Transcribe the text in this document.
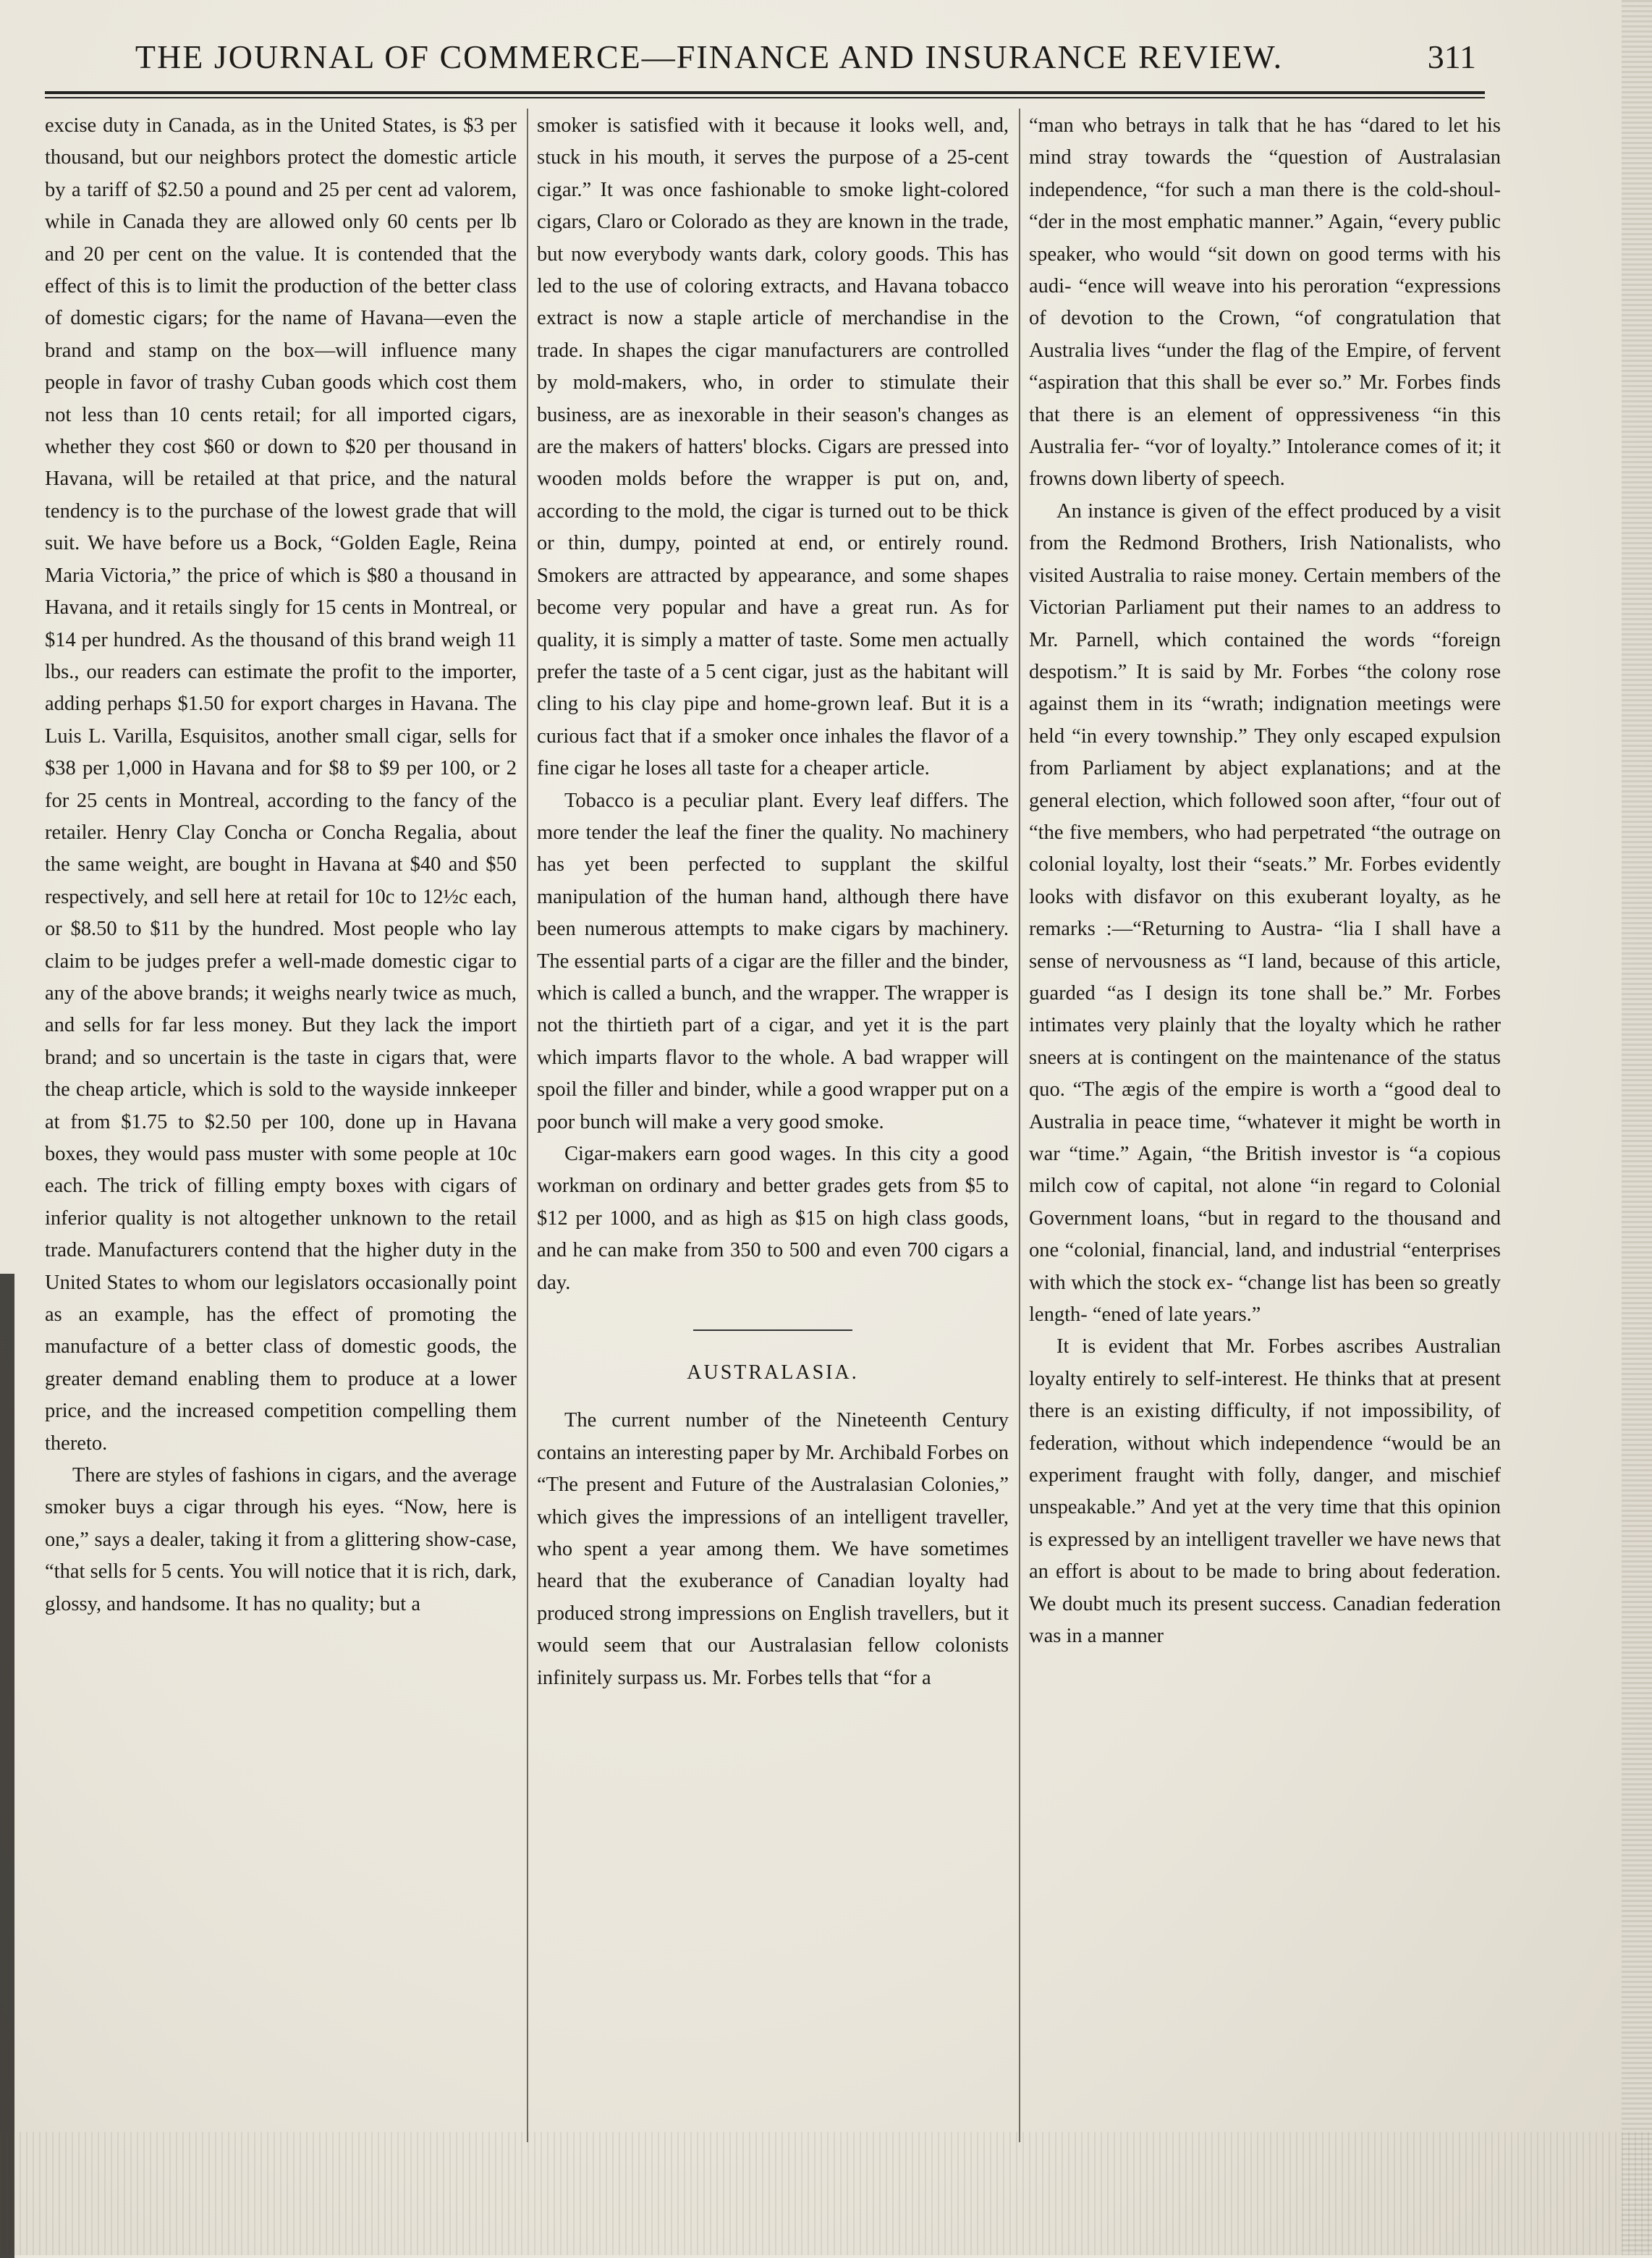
THE JOURNAL OF COMMERCE—FINANCE AND INSURANCE REVIEW.	311

excise duty in Canada, as in the United States, is $3 per thousand, but our neighbors protect the domestic article by a tariff of $2.50 a pound and 25 per cent ad valorem, while in Canada they are allowed only 60 cents per lb and 20 per cent on the value. It is contended that the effect of this is to limit the production of the better class of domestic cigars; for the name of Havana—even the brand and stamp on the box—will influence many people in favor of trashy Cuban goods which cost them not less than 10 cents retail; for all imported cigars, whether they cost $60 or down to $20 per thousand in Havana, will be retailed at that price, and the natural tendency is to the purchase of the lowest grade that will suit. We have before us a Bock, “Golden Eagle, Reina Maria Victoria,” the price of which is $80 a thousand in Havana, and it retails singly for 15 cents in Montreal, or $14 per hundred. As the thousand of this brand weigh 11 lbs., our readers can estimate the profit to the importer, adding perhaps $1.50 for export charges in Havana. The Luis L. Varilla, Esquisitos, another small cigar, sells for $38 per 1,000 in Havana and for $8 to $9 per 100, or 2 for 25 cents in Montreal, according to the fancy of the retailer. Henry Clay Concha or Concha Regalia, about the same weight, are bought in Havana at $40 and $50 respectively, and sell here at retail for 10c to 12½c each, or $8.50 to $11 by the hundred. Most people who lay claim to be judges prefer a well-made domestic cigar to any of the above brands; it weighs nearly twice as much, and sells for far less money. But they lack the import brand; and so uncertain is the taste in cigars that, were the cheap article, which is sold to the wayside innkeeper at from $1.75 to $2.50 per 100, done up in Havana boxes, they would pass muster with some people at 10c each. The trick of filling empty boxes with cigars of inferior quality is not altogether unknown to the retail trade. Manufacturers contend that the higher duty in the United States to whom our legislators occasionally point as an example, has the effect of promoting the manufacture of a better class of domestic goods, the greater demand enabling them to produce at a lower price, and the increased competition compelling them thereto.

There are styles of fashions in cigars, and the average smoker buys a cigar through his eyes. “Now, here is one,” says a dealer, taking it from a glittering show-case, “that sells for 5 cents. You will notice that it is rich, dark, glossy, and handsome. It has no quality; but a

smoker is satisfied with it because it looks well, and, stuck in his mouth, it serves the purpose of a 25-cent cigar.” It was once fashionable to smoke light-colored cigars, Claro or Colorado as they are known in the trade, but now everybody wants dark, colory goods. This has led to the use of coloring extracts, and Havana tobacco extract is now a staple article of merchandise in the trade. In shapes the cigar manufacturers are controlled by mold-makers, who, in order to stimulate their business, are as inexorable in their season's changes as are the makers of hatters' blocks. Cigars are pressed into wooden molds before the wrapper is put on, and, according to the mold, the cigar is turned out to be thick or thin, dumpy, pointed at end, or entirely round. Smokers are attracted by appearance, and some shapes become very popular and have a great run. As for quality, it is simply a matter of taste. Some men actually prefer the taste of a 5 cent cigar, just as the habitant will cling to his clay pipe and home-grown leaf. But it is a curious fact that if a smoker once inhales the flavor of a fine cigar he loses all taste for a cheaper article.

Tobacco is a peculiar plant. Every leaf differs. The more tender the leaf the finer the quality. No machinery has yet been perfected to supplant the skilful manipulation of the human hand, although there have been numerous attempts to make cigars by machinery. The essential parts of a cigar are the filler and the binder, which is called a bunch, and the wrapper. The wrapper is not the thirtieth part of a cigar, and yet it is the part which imparts flavor to the whole. A bad wrapper will spoil the filler and binder, while a good wrapper put on a poor bunch will make a very good smoke.

Cigar-makers earn good wages. In this city a good workman on ordinary and better grades gets from $5 to $12 per 1000, and as high as $15 on high class goods, and he can make from 350 to 500 and even 700 cigars a day.

AUSTRALASIA.

The current number of the Nineteenth Century contains an interesting paper by Mr. Archibald Forbes on “The present and Future of the Australasian Colonies,” which gives the impressions of an intelligent traveller, who spent a year among them. We have sometimes heard that the exuberance of Canadian loyalty had produced strong impressions on English travellers, but it would seem that our Australasian fellow colonists infinitely surpass us. Mr. Forbes tells that “for a

“man who betrays in talk that he has “dared to let his mind stray towards the “question of Australasian independence, “for such a man there is the cold-shoul- “der in the most emphatic manner.” Again, “every public speaker, who would “sit down on good terms with his audi- “ence will weave into his peroration “expressions of devotion to the Crown, “of congratulation that Australia lives “under the flag of the Empire, of fervent “aspiration that this shall be ever so.” Mr. Forbes finds that there is an element of oppressiveness “in this Australia fer- “vor of loyalty.” Intolerance comes of it; it frowns down liberty of speech.

An instance is given of the effect produced by a visit from the Redmond Brothers, Irish Nationalists, who visited Australia to raise money. Certain members of the Victorian Parliament put their names to an address to Mr. Parnell, which contained the words “foreign despotism.” It is said by Mr. Forbes “the colony rose against them in its “wrath; indignation meetings were held “in every township.” They only escaped expulsion from Parliament by abject explanations; and at the general election, which followed soon after, “four out of “the five members, who had perpetrated “the outrage on colonial loyalty, lost their “seats.” Mr. Forbes evidently looks with disfavor on this exuberant loyalty, as he remarks :—“Returning to Austra- “lia I shall have a sense of nervousness as “I land, because of this article, guarded “as I design its tone shall be.” Mr. Forbes intimates very plainly that the loyalty which he rather sneers at is contingent on the maintenance of the status quo. “The ægis of the empire is worth a “good deal to Australia in peace time, “whatever it might be worth in war “time.” Again, “the British investor is “a copious milch cow of capital, not alone “in regard to Colonial Government loans, “but in regard to the thousand and one “colonial, financial, land, and industrial “enterprises with which the stock ex- “change list has been so greatly length- “ened of late years.”

It is evident that Mr. Forbes ascribes Australian loyalty entirely to self-interest. He thinks that at present there is an existing difficulty, if not impossibility, of federation, without which independence “would be an experiment fraught with folly, danger, and mischief unspeakable.” And yet at the very time that this opinion is expressed by an intelligent traveller we have news that an effort is about to be made to bring about federation. We doubt much its present success. Canadian federation was in a manner
